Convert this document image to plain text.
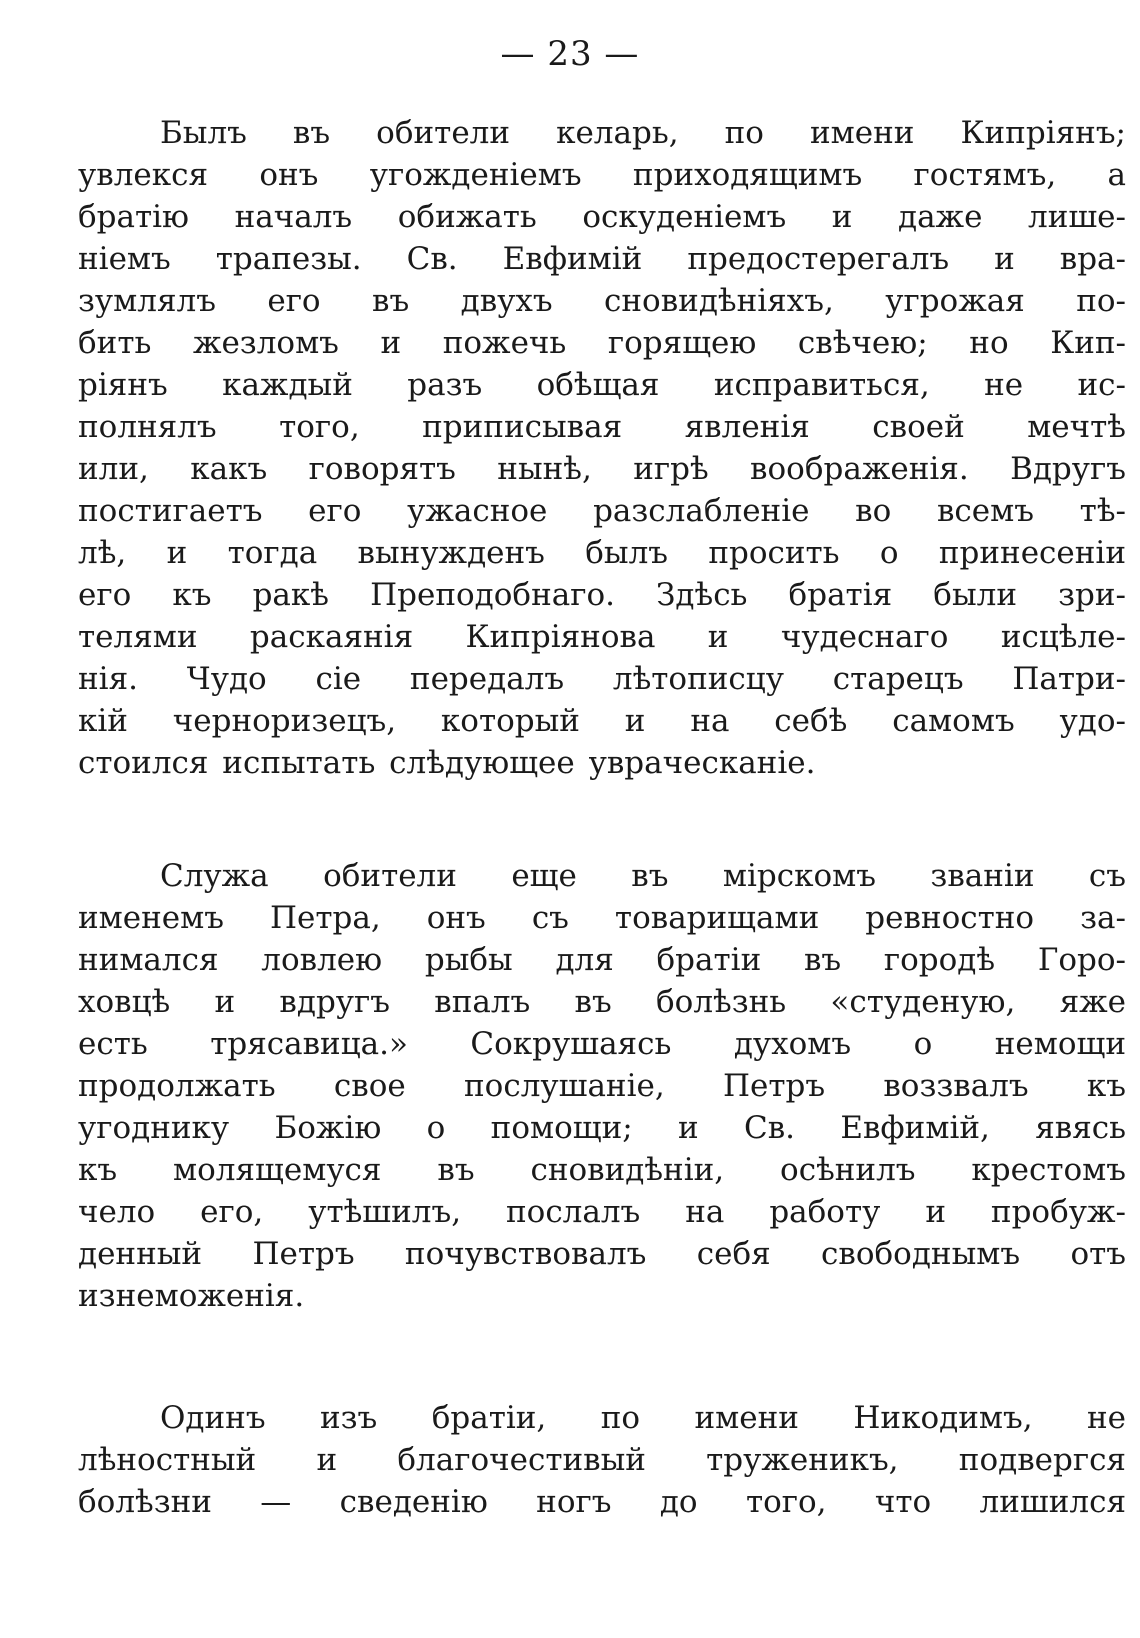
— 23 —
Былъ въ обители келарь, по имени Кипріянъ;
увлекся онъ угожденіемъ приходящимъ гостямъ, а
братію началъ обижать оскуденіемъ и даже лише-
ніемъ трапезы. Св. Евфимій предостерегалъ и вра-
зумлялъ его въ двухъ сновидѣніяхъ, угрожая по-
бить жезломъ и пожечь горящею свѣчею; но Кип-
ріянъ каждый разъ обѣщая исправиться, не ис-
полнялъ того, приписывая явленія своей мечтѣ
или, какъ говорятъ нынѣ, игрѣ воображенія. Вдругъ
постигаетъ его ужасное разслабленіе во всемъ тѣ-
лѣ, и тогда вынужденъ былъ просить о принесеніи
его къ ракѣ Преподобнаго. Здѣсь братія были зри-
телями раскаянія Кипріянова и чудеснаго исцѣле-
нія. Чудо сіе передалъ лѣтописцу старецъ Патри-
кій черноризецъ, который и на себѣ самомъ удо-
стоился испытать слѣдующее увраческаніе.
Служа обители еще въ мірскомъ званіи съ
именемъ Петра, онъ съ товарищами ревностно за-
нимался ловлею рыбы для братіи въ городѣ Горо-
ховцѣ и вдругъ впалъ въ болѣзнь «студеную, яже
есть трясавица.» Сокрушаясь духомъ о немощи
продолжать свое послушаніе, Петръ воззвалъ къ
угоднику Божію о помощи; и Св. Евфимій, явясь
къ молящемуся въ сновидѣніи, осѣнилъ крестомъ
чело его, утѣшилъ, послалъ на работу и пробуж-
денный Петръ почувствовалъ себя свободнымъ отъ
изнеможенія.
Одинъ изъ братіи, по имени Никодимъ, не
лѣностный и благочестивый труженикъ, подвергся
болѣзни — сведенію ногъ до того, что лишился
